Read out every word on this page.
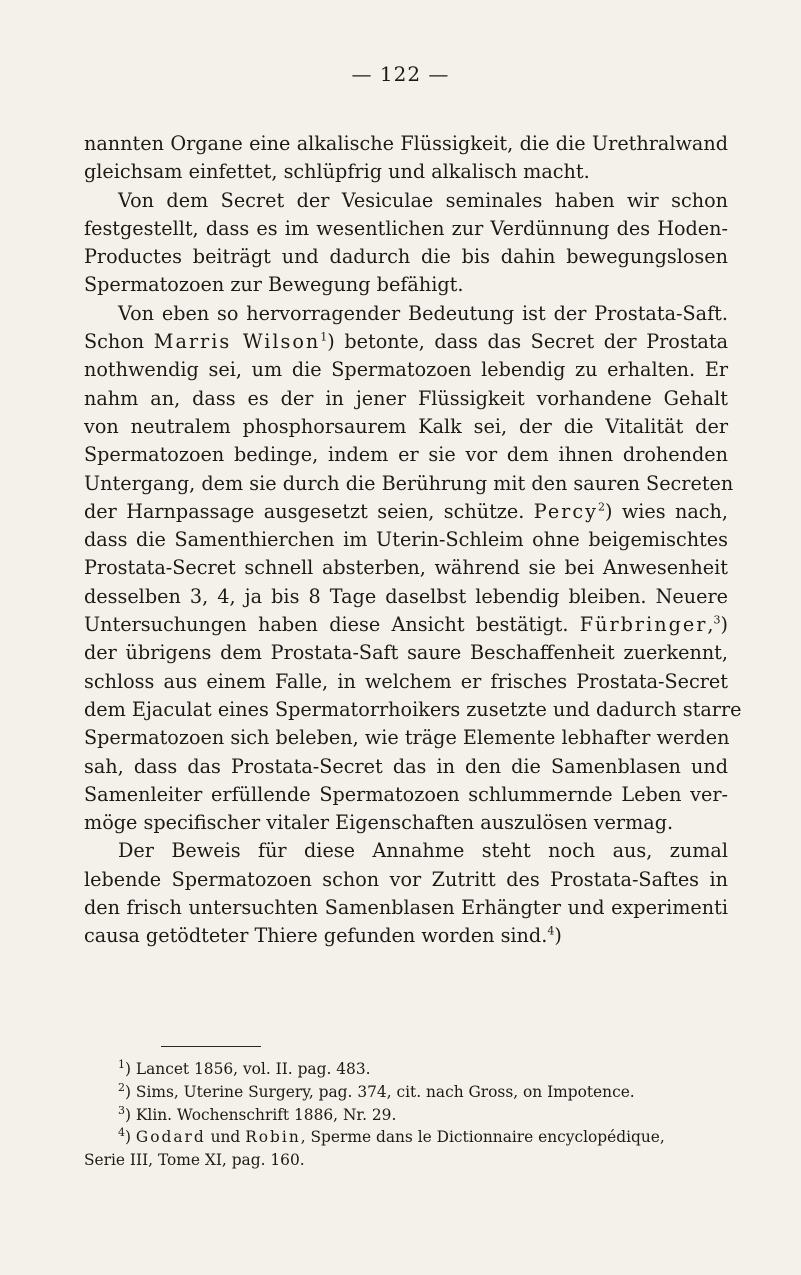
— 122 —
nannten Organe eine alkalische Flüssigkeit, die die Urethralwand
gleichsam einfettet, schlüpfrig und alkalisch macht.
Von dem Secret der Vesiculae seminales haben wir schon
festgestellt, dass es im wesentlichen zur Verdünnung des Hoden-
Productes beiträgt und dadurch die bis dahin bewegungslosen
Spermatozoen zur Bewegung befähigt.
Von eben so hervorragender Bedeutung ist der Prostata-Saft.
Schon Marris Wilson$^1$) betonte, dass das Secret der Prostata
nothwendig sei, um die Spermatozoen lebendig zu erhalten. Er
nahm an, dass es der in jener Flüssigkeit vorhandene Gehalt
von neutralem phosphorsaurem Kalk sei, der die Vitalität der
Spermatozoen bedinge, indem er sie vor dem ihnen drohenden
Untergang, dem sie durch die Berührung mit den sauren Secreten
der Harnpassage ausgesetzt seien, schütze. Percy$^2$) wies nach,
dass die Samenthierchen im Uterin-Schleim ohne beigemischtes
Prostata-Secret schnell absterben, während sie bei Anwesenheit
desselben 3, 4, ja bis 8 Tage daselbst lebendig bleiben. Neuere
Untersuchungen haben diese Ansicht bestätigt. Fürbringer,$^3$)
der übrigens dem Prostata-Saft saure Beschaffenheit zuerkennt,
schloss aus einem Falle, in welchem er frisches Prostata-Secret
dem Ejaculat eines Spermatorrhoikers zusetzte und dadurch starre
Spermatozoen sich beleben, wie träge Elemente lebhafter werden
sah, dass das Prostata-Secret das in den die Samenblasen und
Samenleiter erfüllende Spermatozoen schlummernde Leben ver-
möge specifischer vitaler Eigenschaften auszulösen vermag.
Der Beweis für diese Annahme steht noch aus, zumal
lebende Spermatozoen schon vor Zutritt des Prostata-Saftes in
den frisch untersuchten Samenblasen Erhängter und experimenti
causa getödteter Thiere gefunden worden sind.$^4$)
$^1$) Lancet 1856, vol. II. pag. 483.
$^2$) Sims, Uterine Surgery, pag. 374, cit. nach Gross, on Impotence.
$^3$) Klin. Wochenschrift 1886, Nr. 29.
$^4$) Godard und Robin, Sperme dans le Dictionnaire encyclopédique,
Serie III, Tome XI, pag. 160.
